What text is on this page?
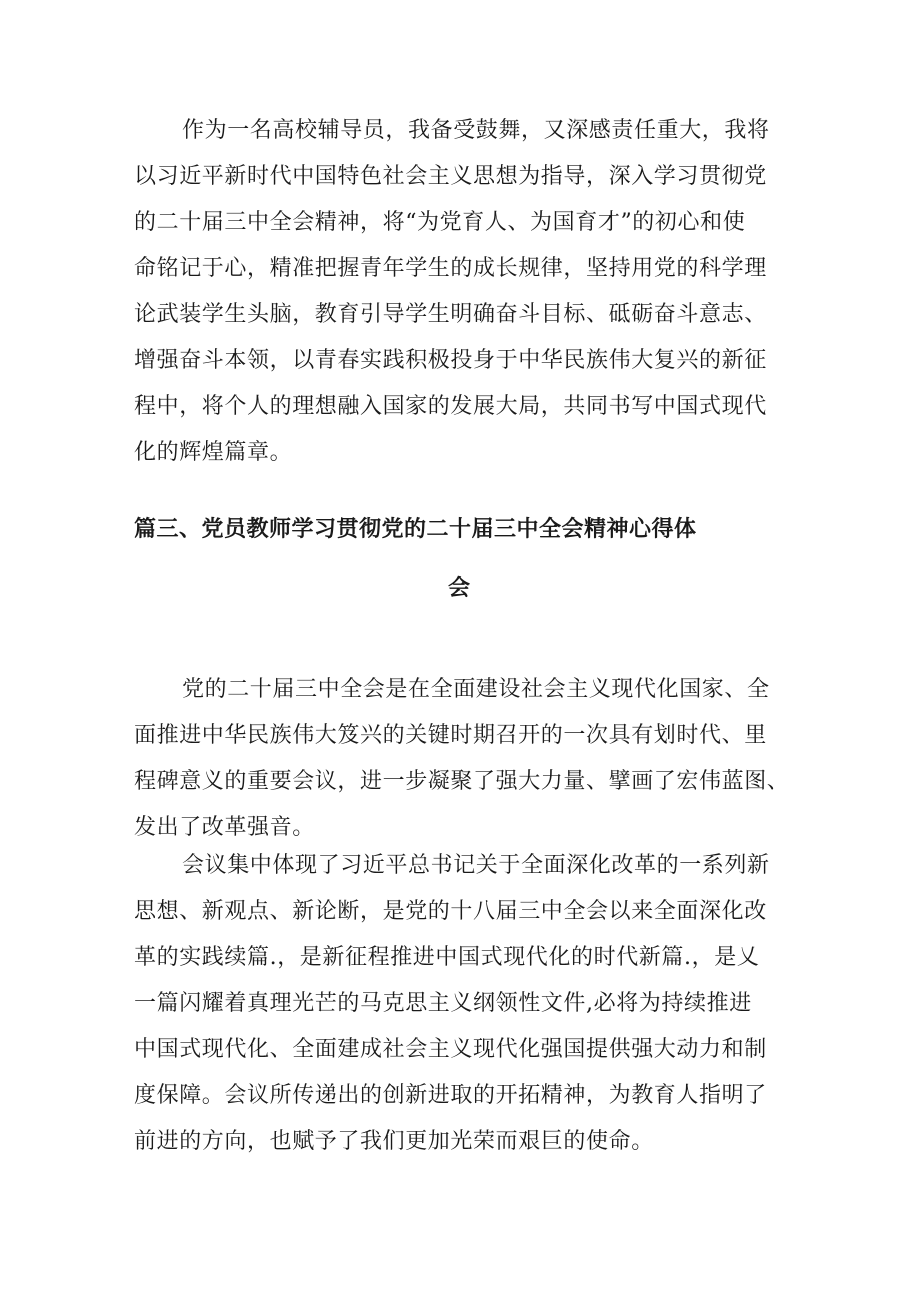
作为一名高校辅导员，我备受鼓舞，又深感责任重大，我将
以习近平新时代中国特色社会主义思想为指导，深入学习贯彻党
的二十届三中全会精神，将“为党育人、为国育才”的初心和使
命铭记于心，精准把握青年学生的成长规律，坚持用党的科学理
论武装学生头脑，教育引导学生明确奋斗目标、砥砺奋斗意志、
增强奋斗本领，以青春实践积极投身于中华民族伟大复兴的新征
程中，将个人的理想融入国家的发展大局，共同书写中国式现代
化的辉煌篇章。
篇三、党员教师学习贯彻党的二十届三中全会精神心得体
会
党的二十届三中全会是在全面建设社会主义现代化国家、全
面推进中华民族伟大笈兴的关键时期召开的一次具有划时代、里
程碑意义的重要会议，进一步凝聚了强大力量、擘画了宏伟蓝图、
发出了改革强音。
会议集中体现了习近平总书记关于全面深化改革的一系列新
思想、新观点、新论断，是党的十八届三中全会以来全面深化改
革的实践续篇.，是新征程推进中国式现代化的时代新篇.，是乂
一篇闪耀着真理光芒的马克思主义纲领性文件,必将为持续推进
中国式现代化、全面建成社会主义现代化强国提供强大动力和制
度保障。会议所传递出的创新进取的开拓精神，为教育人指明了
前进的方向，也赋予了我们更加光荣而艰巨的使命。
